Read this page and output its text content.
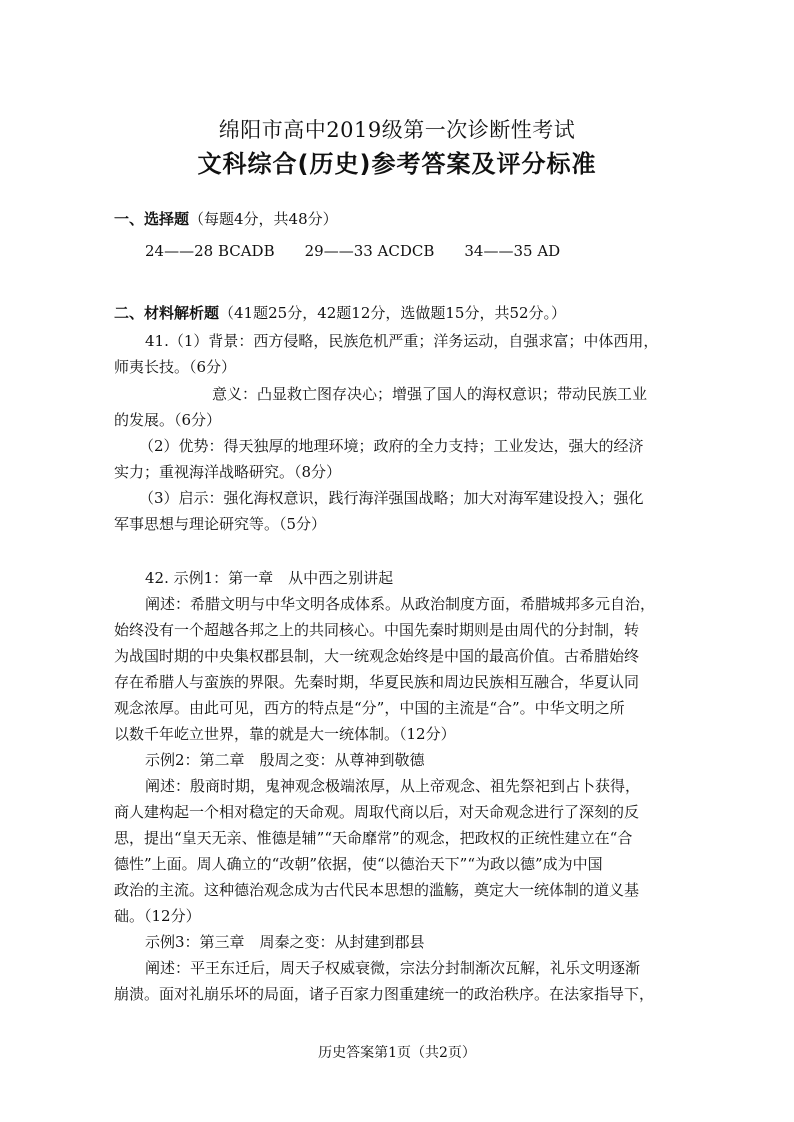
绵阳市高中2019级第一次诊断性考试
文科综合(历史)参考答案及评分标准
一、选择题（每题4分，共48分）
24——28 BCADB　　29——33 ACDCB　　34——35 AD
二、材料解析题（41题25分，42题12分，选做题15分，共52分。）
41.（1）背景：西方侵略，民族危机严重；洋务运动，自强求富；中体西用，
师夷长技。（6分）
意义：凸显救亡图存决心；增强了国人的海权意识；带动民族工业
的发展。（6分）
（2）优势：得天独厚的地理环境；政府的全力支持；工业发达，强大的经济
实力；重视海洋战略研究。（8分）
（3）启示：强化海权意识，践行海洋强国战略；加大对海军建设投入；强化
军事思想与理论研究等。（5分）
42. 示例1：第一章　从中西之别讲起
阐述：希腊文明与中华文明各成体系。从政治制度方面，希腊城邦多元自治，
始终没有一个超越各邦之上的共同核心。中国先秦时期则是由周代的分封制，转
为战国时期的中央集权郡县制，大一统观念始终是中国的最高价值。古希腊始终
存在希腊人与蛮族的界限。先秦时期，华夏民族和周边民族相互融合，华夏认同
观念浓厚。由此可见，西方的特点是“分”，中国的主流是“合”。中华文明之所
以数千年屹立世界，靠的就是大一统体制。（12分）
示例2：第二章　殷周之变：从尊神到敬德
阐述：殷商时期，鬼神观念极端浓厚，从上帝观念、祖先祭祀到占卜获得，
商人建构起一个相对稳定的天命观。周取代商以后，对天命观念进行了深刻的反
思，提出“皇天无亲、惟德是辅”“天命靡常”的观念，把政权的正统性建立在“合
德性”上面。周人确立的“改朝”依据，使“以德治天下”“为政以德”成为中国
政治的主流。这种德治观念成为古代民本思想的滥觞，奠定大一统体制的道义基
础。（12分）
示例3：第三章　周秦之变：从封建到郡县
阐述：平王东迁后，周天子权威衰微，宗法分封制渐次瓦解，礼乐文明逐渐
崩溃。面对礼崩乐坏的局面，诸子百家力图重建统一的政治秩序。在法家指导下，
历史答案第1页（共2页）
